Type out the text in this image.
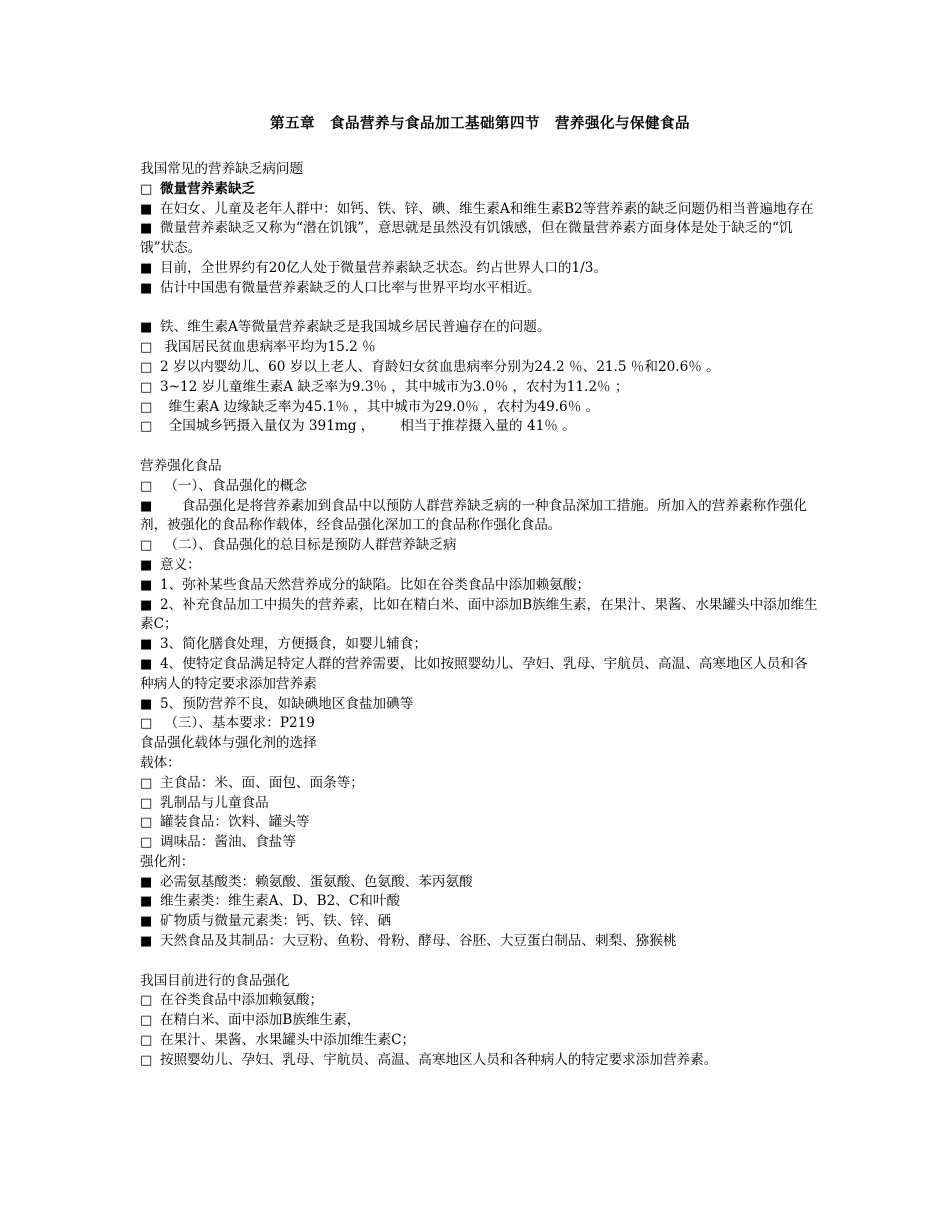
第五章　食品营养与食品加工基础第四节　营养强化与保健食品
我国常见的营养缺乏病问题
□ 微量营养素缺乏
■ 在妇女、儿童及老年人群中：如钙、铁、锌、碘、维生素A和维生素B2等营养素的缺乏问题仍相当普遍地存在
■ 微量营养素缺乏又称为“潜在饥饿”，意思就是虽然没有饥饿感，但在微量营养素方面身体是处于缺乏的“饥饿”状态。
■ 目前，全世界约有20亿人处于微量营养素缺乏状态。约占世界人口的1/3。
■ 估计中国患有微量营养素缺乏的人口比率与世界平均水平相近。
■ 铁、维生素A等微量营养素缺乏是我国城乡居民普遍存在的问题。
□ 我国居民贫血患病率平均为15.2 ％
□ 2 岁以内婴幼儿、60 岁以上老人、育龄妇女贫血患病率分别为24.2 ％、21.5 ％和20.6％ 。
□ 3~12 岁儿童维生素A 缺乏率为9.3％ ，其中城市为3.0％ ，农村为11.2％ ；
□  维生素A 边缘缺乏率为45.1％ ，其中城市为29.0％ ，农村为49.6％ 。
□  全国城乡钙摄入量仅为 391mg ，      相当于推荐摄入量的 41％ 。
营养强化食品
□ （一）、食品强化的概念
■     食品强化是将营养素加到食品中以预防人群营养缺乏病的一种食品深加工措施。所加入的营养素称作强化剂，被强化的食品称作载体，经食品强化深加工的食品称作强化食品。
□ （二）、食品强化的总目标是预防人群营养缺乏病
■ 意义：
■ 1、弥补某些食品天然营养成分的缺陷。比如在谷类食品中添加赖氨酸；
■ 2、补充食品加工中损失的营养素，比如在精白米、面中添加B族维生素，在果汁、果酱、水果罐头中添加维生素C；
■ 3、简化膳食处理，方便摄食，如婴儿辅食；
■ 4、使特定食品满足特定人群的营养需要，比如按照婴幼儿、孕妇、乳母、宇航员、高温、高寒地区人员和各种病人的特定要求添加营养素
■ 5、预防营养不良，如缺碘地区食盐加碘等
□ （三）、基本要求：P219
食品强化载体与强化剂的选择
载体：
□ 主食品：米、面、面包、面条等；
□ 乳制品与儿童食品
□ 罐装食品：饮料、罐头等
□ 调味品：酱油、食盐等
强化剂：
■ 必需氨基酸类：赖氨酸、蛋氨酸、色氨酸、苯丙氨酸
■ 维生素类：维生素A、D、B2、C和叶酸
■ 矿物质与微量元素类：钙、铁、锌、硒
■ 天然食品及其制品：大豆粉、鱼粉、骨粉、酵母、谷胚、大豆蛋白制品、刺梨、猕猴桃
我国目前进行的食品强化
□ 在谷类食品中添加赖氨酸；
□ 在精白米、面中添加B族维生素，
□ 在果汁、果酱、水果罐头中添加维生素C；
□ 按照婴幼儿、孕妇、乳母、宇航员、高温、高寒地区人员和各种病人的特定要求添加营养素。
